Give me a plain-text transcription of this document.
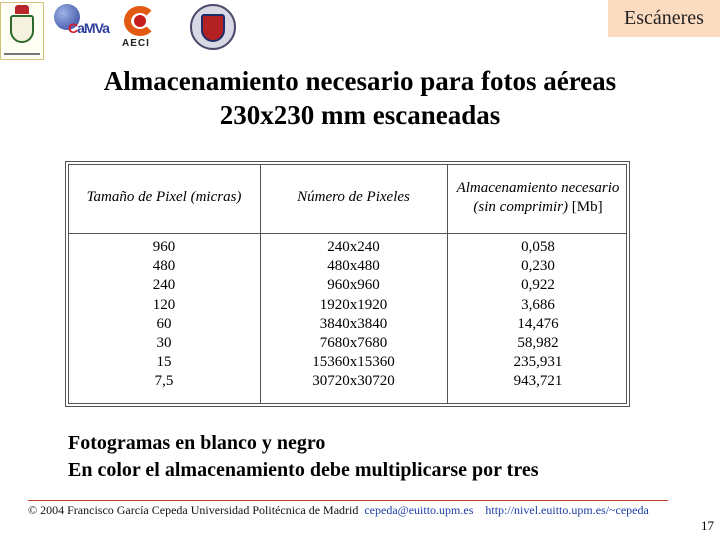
CaMVa
AECI
Escáneres
Almacenamiento necesario para fotos aéreas
230x230 mm escaneadas
Tamaño de Pixel (micras)	Número de Pixeles
Almacenamiento necesario
(sin comprimir) [Mb]
960
480
240
120
60
30
15
7,5
240x240
480x480
960x960
1920x1920
3840x3840
7680x7680
15360x15360
30720x30720
0,058
0,230
0,922
3,686
14,476
58,982
235,931
943,721
Fotogramas en blanco y negro
En color el almacenamiento debe multiplicarse por tres
© 2004 Francisco García Cepeda Universidad Politécnica de Madrid cepeda@euitto.upm.es http://nivel.euitto.upm.es/~cepeda
17
